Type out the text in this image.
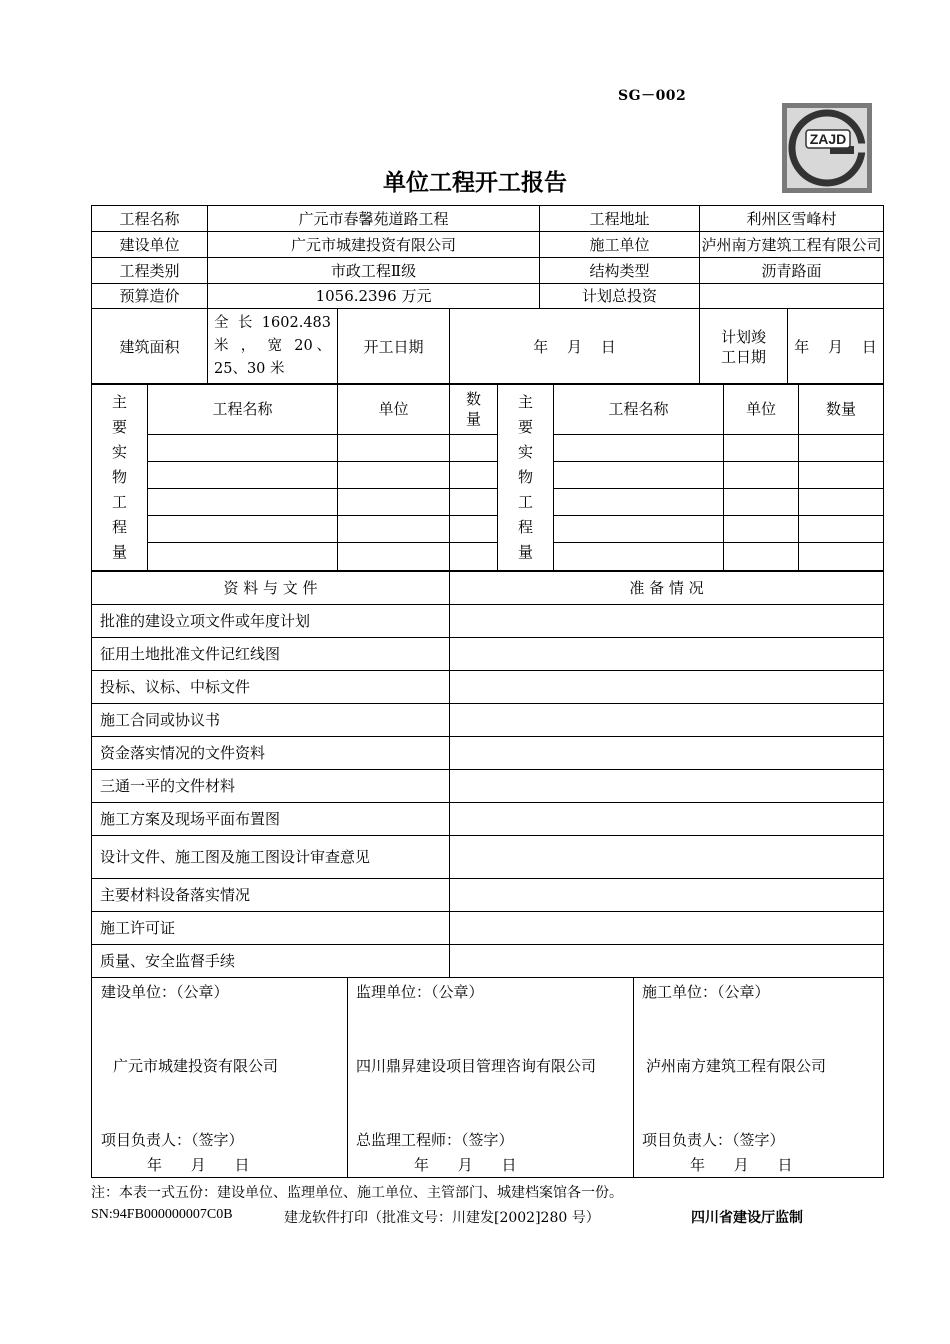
SG－002
ZAJD
单位工程开工报告
工程名称	广元市春馨苑道路工程			工程地址	利州区雪峰村	
建设单位	广元市城建投资有限公司			施工单位	泸州南方建筑工程有限公司	
工程类别	市政工程Ⅱ级			结构类型	沥青路面	
预算造价	1056.2396 万元			计划总投资		
建筑面积	全 长 1602.483 米 ， 宽 20、25、30 米	开工日期	年 月 日		计划竣工日期	年 月 日
主要实物工程量	工程名称	单位	数量	主要实物工程量	工程名称	单位	数量

资 料 与 文 件	准 备 情 况
批准的建设立项文件或年度计划	
征用土地批准文件记红线图	
投标、议标、中标文件	
施工合同或协议书	
资金落实情况的文件资料	
三通一平的文件材料	
施工方案及现场平面布置图	
设计文件、施工图及施工图设计审查意见	
主要材料设备落实情况	
施工许可证	
质量、安全监督手续	
建设单位：（公章）
广元市城建投资有限公司
项目负责人：（签字）
年 月 日

监理单位：（公章）
四川鼎昇建设项目管理咨询有限公司
总监理工程师：（签字）
年 月 日

施工单位：（公章）
泸州南方建筑工程有限公司
项目负责人：（签字）
年 月 日
注：本表一式五份：建设单位、监理单位、施工单位、主管部门、城建档案馆各一份。
SN:94FB000000007C0B	建龙软件打印（批准文号：川建发[2002]280 号）	四川省建设厅监制
